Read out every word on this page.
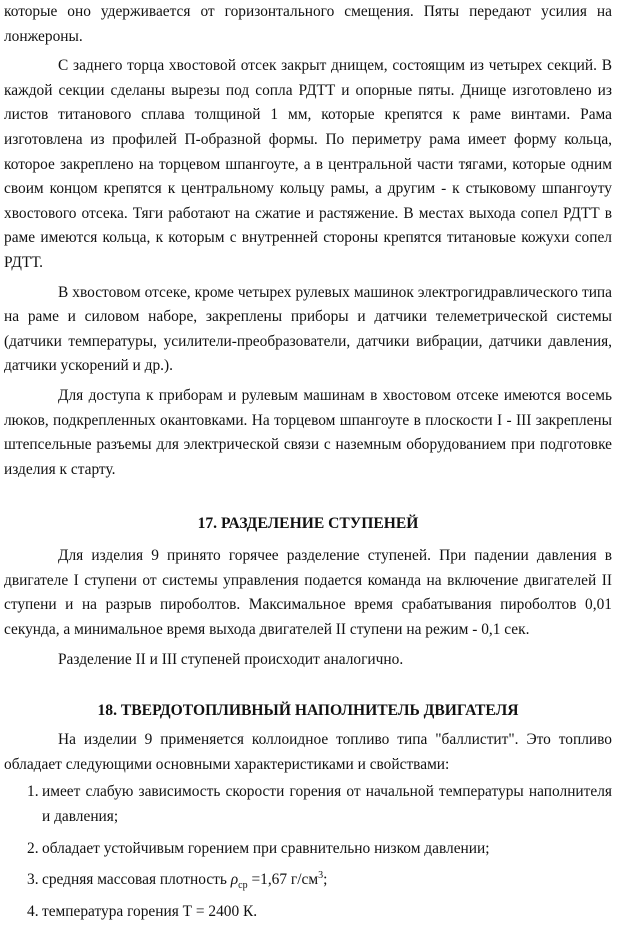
которые оно удерживается от горизонтального смещения. Пяты передают усилия на лонжероны.

С заднего торца хвостовой отсек закрыт днищем, состоящим из четырех секций. В каждой секции сделаны вырезы под сопла РДТТ и опорные пяты. Днище изготовлено из листов титанового сплава толщиной 1 мм, которые крепятся к раме винтами. Рама изготовлена из профилей П-образной формы. По периметру рама имеет форму кольца, которое закреплено на торцевом шпангоуте, а в центральной части тягами, которые одним своим концом крепятся к центральному кольцу рамы, а другим - к стыковому шпангоуту хвостового отсека. Тяги работают на сжатие и растяжение. В местах выхода сопел РДТТ в раме имеются кольца, к которым с внутренней стороны крепятся титановые кожухи сопел РДТТ.

В хвостовом отсеке, кроме четырех рулевых машинок электрогидравлического типа на раме и силовом наборе, закреплены приборы и датчики телеметрической системы (датчики температуры, усилители-преобразователи, датчики вибрации, датчики давления, датчики ускорений и др.).

Для доступа к приборам и рулевым машинам в хвостовом отсеке имеются восемь люков, подкрепленных окантовками. На торцевом шпангоуте в плоскости I - III закреплены штепсельные разъемы для электрической связи с наземным оборудованием при подготовке изделия к старту.

17. РАЗДЕЛЕНИЕ СТУПЕНЕЙ

Для изделия 9 принято горячее разделение ступеней. При падении давления в двигателе I ступени от системы управления подается команда на включение двигателей II ступени и на разрыв пироболтов. Максимальное время срабатывания пироболтов 0,01 секунда, а минимальное время выхода двигателей II ступени на режим - 0,1 сек.

Разделение II и III ступеней происходит аналогично.

18. ТВЕРДОТОПЛИВНЫЙ НАПОЛНИТЕЛЬ ДВИГАТЕЛЯ

На изделии 9 применяется коллоидное топливо типа "баллистит". Это топливо обладает следующими основными характеристиками и свойствами:

1. имеет слабую зависимость скорости горения от начальной температуры наполнителя и давления;
2. обладает устойчивым горением при сравнительно низком давлении;
3. средняя массовая плотность $\rho_{ср} =1,67$ $г/см^3$;
4. температура горения Т = 2400 К.
